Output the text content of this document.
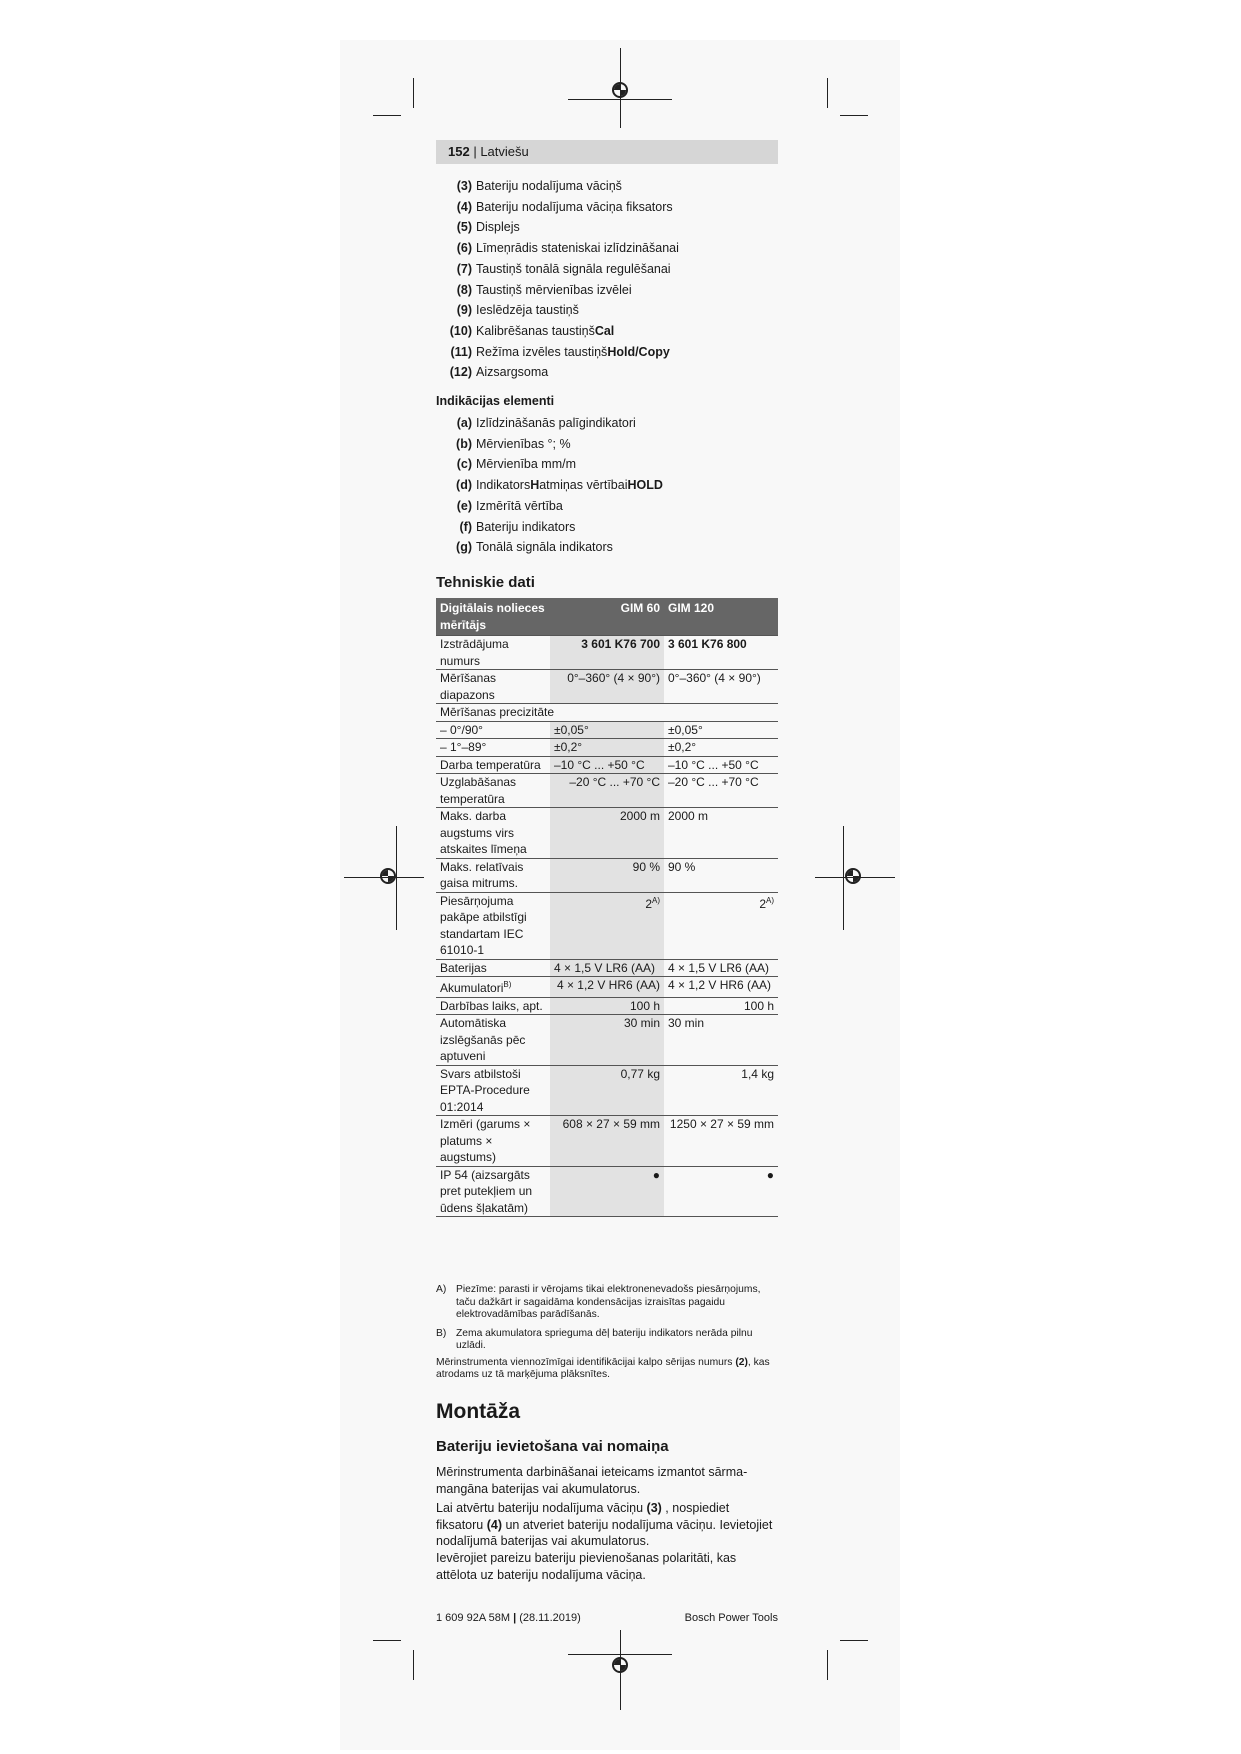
152 | Latviešu
(3) Bateriju nodalījuma vāciņš
(4) Bateriju nodalījuma vāciņa fiksators
(5) Displejs
(6) Līmeņrādis stateniskai izlīdzināšanai
(7) Taustiņš tonālā signāla regulēšanai
(8) Taustiņš mērvienības izvēlei
(9) Ieslēdzēja taustiņš
(10) Kalibrēšanas taustiņš Cal
(11) Režīma izvēles taustiņš Hold/Copy
(12) Aizsargsoma
Indikācijas elementi
(a) Izlīdzināšanās palīgindikatori
(b) Mērvienības °; %
(c) Mērvienība mm/m
(d) Indikators H atmiņas vērtībai HOLD
(e) Izmērītā vērtība
(f) Bateriju indikators
(g) Tonālā signāla indikators
Tehniskie dati
Digitālais nolieces mērītājs	GIM 60	GIM 120
Izstrādājuma numurs	3 601 K76 700	3 601 K76 800
Mērīšanas diapazons	0°–360° (4 × 90°)	0°–360° (4 × 90°)
Mērīšanas precizitāte		
– 0°/90°	±0,05°	±0,05°
– 1°–89°	±0,2°	±0,2°
Darba temperatūra	–10 °C ... +50 °C	–10 °C ... +50 °C
Uzglabāšanas temperatūra	–20 °C ... +70 °C	–20 °C ... +70 °C
Maks. darba augstums virs atskaites līmeņa	2000 m	2000 m
Maks. relatīvais gaisa mitrums.	90 %	90 %
Piesārņojuma pakāpe atbilstīgi standartam IEC 61010-1	$2^{A)}$	$2^{A)}$
Baterijas	4 × 1,5 V LR6 (AA)	4 × 1,5 V LR6 (AA)
Akumulatori$^{B)}$	4 × 1,2 V HR6 (AA)	4 × 1,2 V HR6 (AA)
Darbības laiks, apt.	100 h	100 h
Automātiska izslēgšanās pēc aptuveni	30 min	30 min
Svars atbilstoši EPTA-Procedure 01:2014	0,77 kg	1,4 kg
Izmēri (garums × platums × augstums)	608 × 27 × 59 mm	1250 × 27 × 59 mm
IP 54 (aizsargāts pret putekļiem un ūdens šļakatām)	●	●
A) Piezīme: parasti ir vērojams tikai elektronenevadošs piesārņojums, taču dažkārt ir sagaidāma kondensācijas izraisītas pagaidu elektrovadāmības parādīšanās.
B) Zema akumulatora sprieguma dēļ bateriju indikators nerāda pilnu uzlādi.
Mērinstrumenta viennozīmīgai identifikācijai kalpo sērijas numurs (2), kas atrodams uz tā marķējuma plāksnītes.
Montāža
Bateriju ievietošana vai nomaiņa
Mērinstrumenta darbināšanai ieteicams izmantot sārma-mangāna baterijas vai akumulatorus.
Lai atvērtu bateriju nodalījuma vāciņu (3) , nospiediet fiksatoru (4) un atveriet bateriju nodalījuma vāciņu. Ievietojiet nodalījumā baterijas vai akumulatorus.
Ievērojiet pareizu bateriju pievienošanas polaritāti, kas attēlota uz bateriju nodalījuma vāciņa.
1 609 92A 58M | (28.11.2019)	Bosch Power Tools
